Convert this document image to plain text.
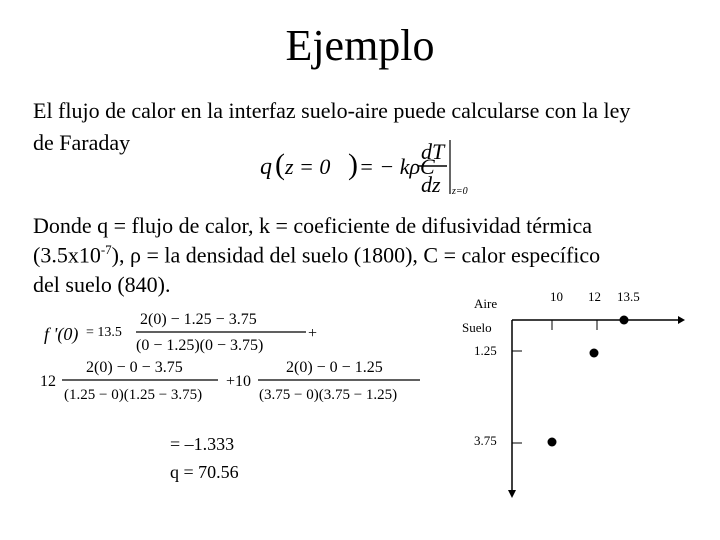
Ejemplo
El flujo de calor en la interfaz suelo-aire puede calcularse con la ley
de Faraday
q ( z = 0 ) = − kρC
dT
dz z=0
Donde q = flujo de calor, k = coeficiente de difusividad térmica
$(3.5x10^{-7})$, ρ = la densidad del suelo (1800), C = calor específico
del suelo (840).
f '(0) = 13.5
2(0) − 1.25 − 3.75
(0 − 1.25)(0 − 3.75)
+
12
2(0) − 0 − 3.75
(1.25 − 0)(1.25 − 3.75)
+10
2(0) − 0 − 1.25
(3.75 − 0)(3.75 − 1.25)
= –1.333
q = 70.56
Aire	10 12 13.5
Suelo
1.25
3.75
